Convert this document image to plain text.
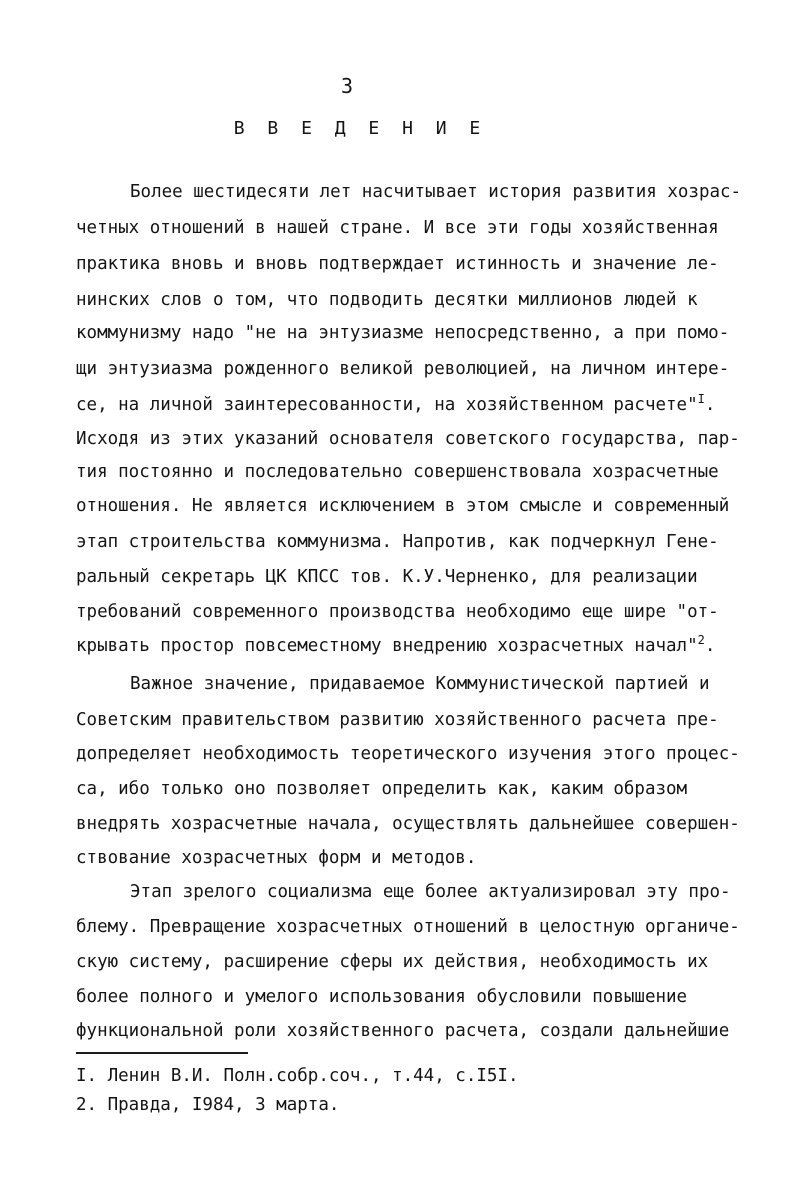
3
В В Е Д Е Н И Е
Более шестидесяти лет насчитывает история развития хозрас-
четных отношений в нашей стране. И все эти годы хозяйственная
практика вновь и вновь подтверждает истинность и значение ле-
нинских слов о том, что подводить десятки миллионов людей к
коммунизму надо "не на энтузиазме непосредственно, а при помо-
щи энтузиазма рожденного великой революцией, на личном интере-
се, на личной заинтересованности, на хозяйственном расчете"$^I$.
Исходя из этих указаний основателя советского государства, пар-
тия постоянно и последовательно совершенствовала хозрасчетные
отношения. Не является исключением в этом смысле и современный
этап строительства коммунизма. Напротив, как подчеркнул Гене-
ральный секретарь ЦК КПСС тов. К.У.Черненко, для реализации
требований современного производства необходимо еще шире "от-
крывать простор повсеместному внедрению хозрасчетных начал"$^2$.
Важное значение, придаваемое Коммунистической партией и
Советским правительством развитию хозяйственного расчета пре-
допределяет необходимость теоретического изучения этого процес-
са, ибо только оно позволяет определить как, каким образом
внедрять хозрасчетные начала, осуществлять дальнейшее совершен-
ствование хозрасчетных форм и методов.
Этап зрелого социализма еще более актуализировал эту про-
блему. Превращение хозрасчетных отношений в целостную органиче-
скую систему, расширение сферы их действия, необходимость их
более полного и умелого использования обусловили повышение
функциональной роли хозяйственного расчета, создали дальнейшие
I. Ленин В.И. Полн.собр.соч., т.44, с.I5I.
2. Правда, I984, 3 марта.
